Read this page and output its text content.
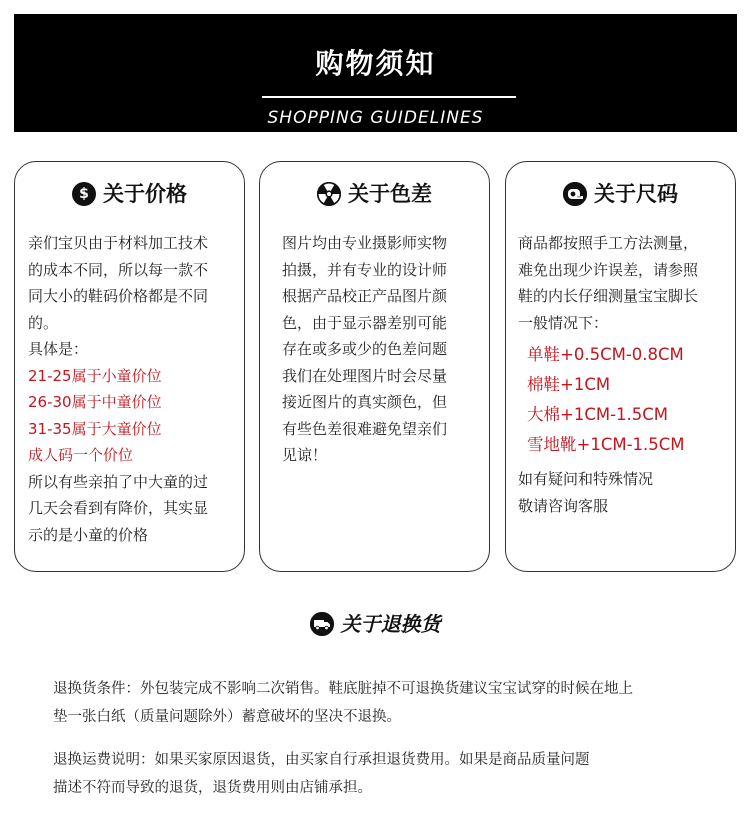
购物须知
SHOPPING GUIDELINES
$ 关于价格

亲们宝贝由于材料加工技术

的成本不同，所以每一款不

同大小的鞋码价格都是不同

的。

具体是：

21-25属于小童价位

26-30属于中童价位

31-35属于大童价位

成人码一个价位

所以有些亲拍了中大童的过

几天会看到有降价，其实显

示的是小童的价格

关于色差

图片均由专业摄影师实物

拍摄，并有专业的设计师

根据产品校正产品图片颜

色，由于显示器差别可能

存在或多或少的色差问题

我们在处理图片时会尽量

接近图片的真实颜色，但

有些色差很难避免望亲们

见谅！

关于尺码

商品都按照手工方法测量，

难免出现少许误差，请参照

鞋的内长仔细测量宝宝脚长

一般情况下：

单鞋+0.5CM-0.8CM

棉鞋+1CM

大棉+1CM-1.5CM

雪地靴+1CM-1.5CM

如有疑问和特殊情况

敬请咨询客服

关于退换货
退换货条件：外包装完成不影响二次销售。鞋底脏掉不可退换货建议宝宝试穿的时候在地上
垫一张白纸（质量问题除外）蓄意破坏的坚决不退换。
退换运费说明：如果买家原因退货，由买家自行承担退货费用。如果是商品质量问题
描述不符而导致的退货，退货费用则由店铺承担。
